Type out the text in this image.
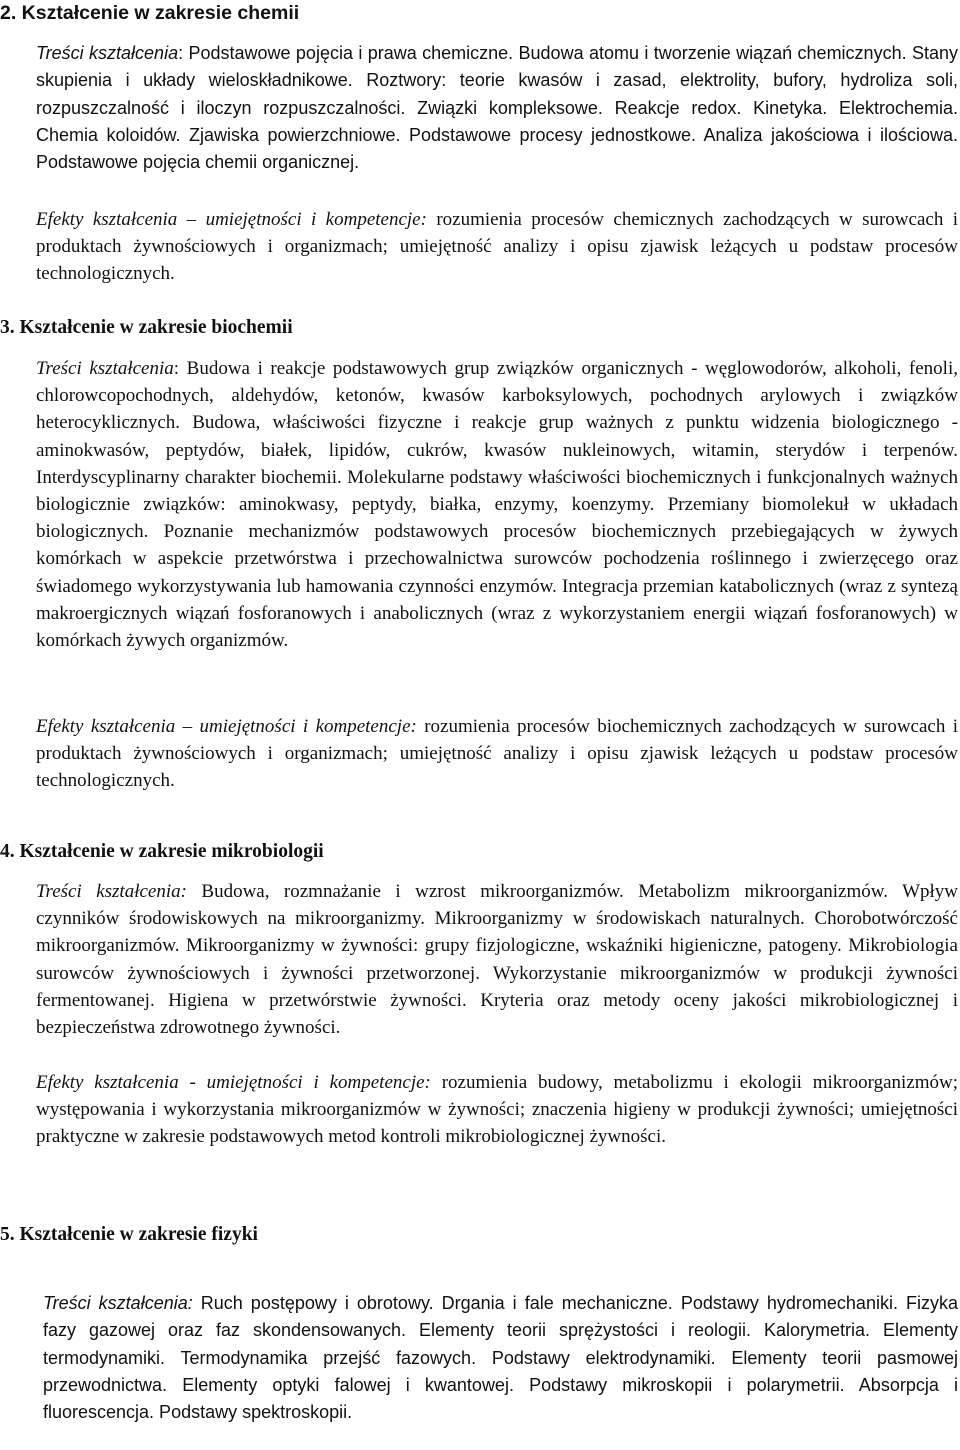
2. Kształcenie w zakresie chemii

Treści kształcenia: Podstawowe pojęcia i prawa chemiczne. Budowa atomu i tworzenie wiązań chemicznych. Stany skupienia i układy wieloskładnikowe. Roztwory: teorie kwasów i zasad, elektrolity, bufory, hydroliza soli, rozpuszczalność i iloczyn rozpuszczalności. Związki kompleksowe. Reakcje redox. Kinetyka. Elektrochemia. Chemia koloidów. Zjawiska powierzchniowe. Podstawowe procesy jednostkowe. Analiza jakościowa i ilościowa. Podstawowe pojęcia chemii organicznej.

Efekty kształcenia – umiejętności i kompetencje: rozumienia procesów chemicznych zachodzących w surowcach i produktach żywnościowych i organizmach; umiejętność analizy i opisu zjawisk leżących u podstaw procesów technologicznych.

3. Kształcenie w zakresie biochemii

Treści kształcenia: Budowa i reakcje podstawowych grup związków organicznych - węglowodorów, alkoholi, fenoli, chlorowcopochodnych, aldehydów, ketonów, kwasów karboksylowych, pochodnych arylowych i związków heterocyklicznych. Budowa, właściwości fizyczne i reakcje grup ważnych z punktu widzenia biologicznego - aminokwasów, peptydów, białek, lipidów, cukrów, kwasów nukleinowych, witamin, sterydów i terpenów. Interdyscyplinarny charakter biochemii. Molekularne podstawy właściwości biochemicznych i funkcjonalnych ważnych biologicznie związków: aminokwasy, peptydy, białka, enzymy, koenzymy. Przemiany biomolekuł w układach biologicznych. Poznanie mechanizmów podstawowych procesów biochemicznych przebiegających w żywych komórkach w aspekcie przetwórstwa i przechowalnictwa surowców pochodzenia roślinnego i zwierzęcego oraz świadomego wykorzystywania lub hamowania czynności enzymów. Integracja przemian katabolicznych (wraz z syntezą makroergicznych wiązań fosforanowych i anabolicznych (wraz z wykorzystaniem energii wiązań fosforanowych) w komórkach żywych organizmów.

Efekty kształcenia – umiejętności i kompetencje: rozumienia procesów biochemicznych zachodzących w surowcach i produktach żywnościowych i organizmach; umiejętność analizy i opisu zjawisk leżących u podstaw procesów technologicznych.

4. Kształcenie w zakresie mikrobiologii

Treści kształcenia: Budowa, rozmnażanie i wzrost mikroorganizmów. Metabolizm mikroorganizmów. Wpływ czynników środowiskowych na mikroorganizmy. Mikroorganizmy w środowiskach naturalnych. Chorobotwórczość mikroorganizmów. Mikroorganizmy w żywności: grupy fizjologiczne, wskaźniki higieniczne, patogeny. Mikrobiologia surowców żywnościowych i żywności przetworzonej. Wykorzystanie mikroorganizmów w produkcji żywności fermentowanej. Higiena w przetwórstwie żywności. Kryteria oraz metody oceny jakości mikrobiologicznej i bezpieczeństwa zdrowotnego żywności.

Efekty kształcenia - umiejętności i kompetencje: rozumienia budowy, metabolizmu i ekologii mikroorganizmów; występowania i wykorzystania mikroorganizmów w żywności; znaczenia higieny w produkcji żywności; umiejętności praktyczne w zakresie podstawowych metod kontroli mikrobiologicznej żywności.

5. Kształcenie w zakresie fizyki

Treści kształcenia: Ruch postępowy i obrotowy. Drgania i fale mechaniczne. Podstawy hydromechaniki. Fizyka fazy gazowej oraz faz skondensowanych. Elementy teorii sprężystości i reologii. Kalorymetria. Elementy termodynamiki. Termodynamika przejść fazowych. Podstawy elektrodynamiki. Elementy teorii pasmowej przewodnictwa. Elementy optyki falowej i kwantowej. Podstawy mikroskopii i polarymetrii. Absorpcja i fluorescencja. Podstawy spektroskopii.
